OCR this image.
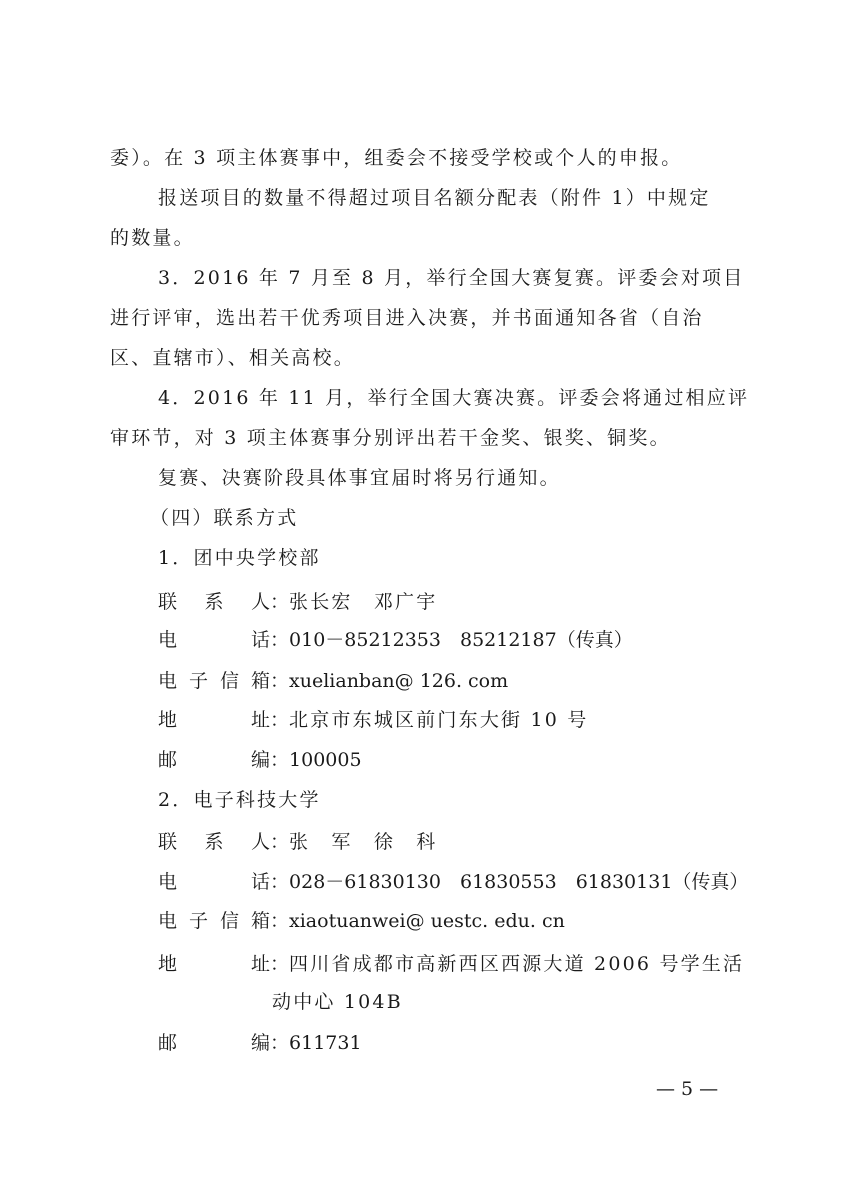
委）。在 3 项主体赛事中，组委会不接受学校或个人的申报。
报送项目的数量不得超过项目名额分配表（附件 1）中规定
的数量。
3．2016 年 7 月至 8 月，举行全国大赛复赛。评委会对项目
进行评审，选出若干优秀项目进入决赛，并书面通知各省（自治
区、直辖市）、相关高校。
4．2016 年 11 月，举行全国大赛决赛。评委会将通过相应评
审环节，对 3 项主体赛事分别评出若干金奖、银奖、铜奖。
复赛、决赛阶段具体事宜届时将另行通知。
（四）联系方式
1．团中央学校部
联系人：张长宏　邓广宇
电话：010－85212353　85212187（传真）
电子信箱：xuelianban@ 126. com
地址：北京市东城区前门东大街 10 号
邮编：100005
2．电子科技大学
联系人：张　军　徐　科
电话：028－61830130　61830553　61830131（传真）
电子信箱：xiaotuanwei@ uestc. edu. cn
地址：四川省成都市高新西区西源大道 2006 号学生活
动中心 104B
邮编：611731
— 5 —
